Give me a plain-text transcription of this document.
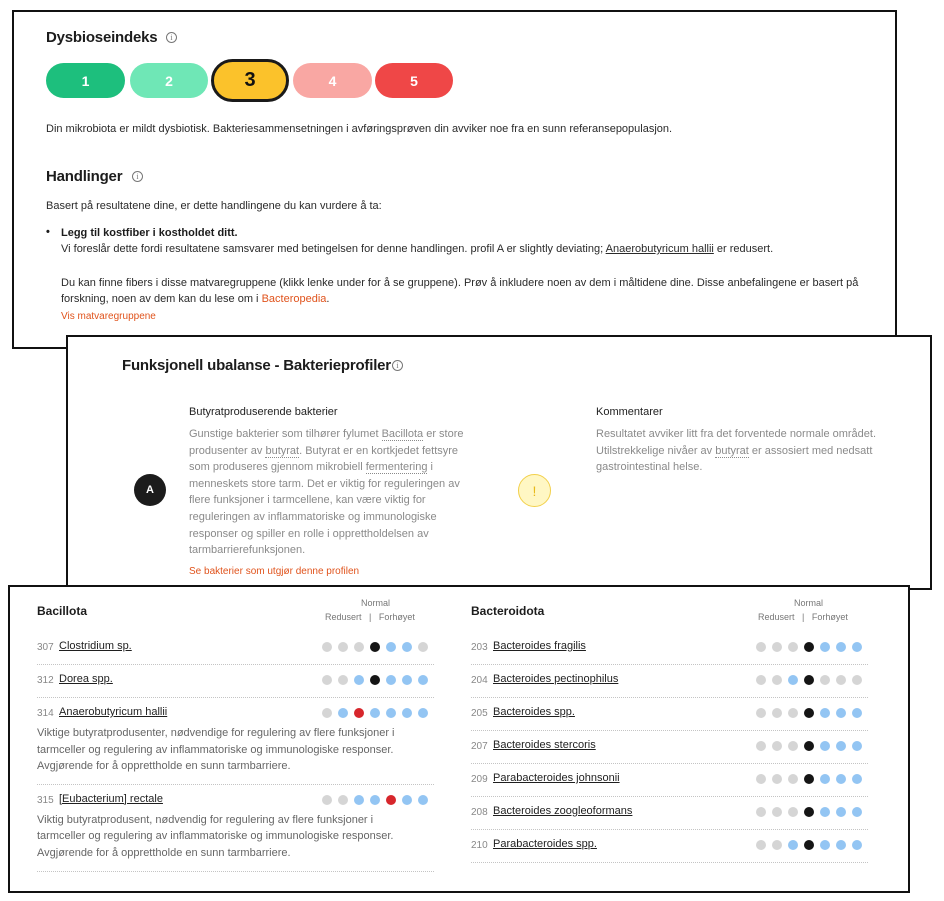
Dysbioseindeks	i
1	2	3	4	5
Din mikrobiota er mildt dysbiotisk. Bakteriesammensetningen i avføringsprøven din avviker noe fra en sunn referansepopulasjon.
Handlinger	i
Basert på resultatene dine, er dette handlingene du kan vurdere å ta:
• Legg til kostfiber i kostholdet ditt.
Vi foreslår dette fordi resultatene samsvarer med betingelsen for denne handlingen. profil A er slightly deviating; Anaerobutyricum hallii er redusert.
Du kan finne fibers i disse matvaregruppene (klikk lenke under for å se gruppene). Prøv å inkludere noen av dem i måltidene dine. Disse anbefalingene er basert på
forskning, noen av dem kan du lese om i Bacteropedia.
Vis matvaregruppene
Funksjonell ubalanse - Bakterieprofiler i
A
Butyratproduserende bakterier
Gunstige bakterier som tilhører fylumet Bacillota er store
produsenter av butyrat. Butyrat er en kortkjedet fettsyre
som produseres gjennom mikrobiell fermentering i
menneskets store tarm. Det er viktig for reguleringen av
flere funksjoner i tarmcellene, kan være viktig for
reguleringen av inflammatoriske og immunologiske
responser og spiller en rolle i opprettholdelsen av
tarmbarrierefunksjonen.
Se bakterier som utgjør denne profilen
!
Kommentarer
Resultatet avviker litt fra det forventede normale området.
Utilstrekkelige nivåer av butyrat er assosiert med nedsatt
gastrointestinal helse.
Bacillota
Normal
Redusert | Forhøyet
307 Clostridium sp.
312 Dorea spp.
314 Anaerobutyricum hallii
Viktige butyratprodusenter, nødvendige for regulering av flere funksjoner i
tarmceller og regulering av inflammatoriske og immunologiske responser.
Avgjørende for å opprettholde en sunn tarmbarriere.
315 [Eubacterium] rectale
Viktig butyratprodusent, nødvendig for regulering av flere funksjoner i
tarmceller og regulering av inflammatoriske og immunologiske responser.
Avgjørende for å opprettholde en sunn tarmbarriere.
Bacteroidota
Normal
Redusert | Forhøyet
203 Bacteroides fragilis
204 Bacteroides pectinophilus
205 Bacteroides spp.
207 Bacteroides stercoris
209 Parabacteroides johnsonii
208 Bacteroides zoogleoformans
210 Parabacteroides spp.
